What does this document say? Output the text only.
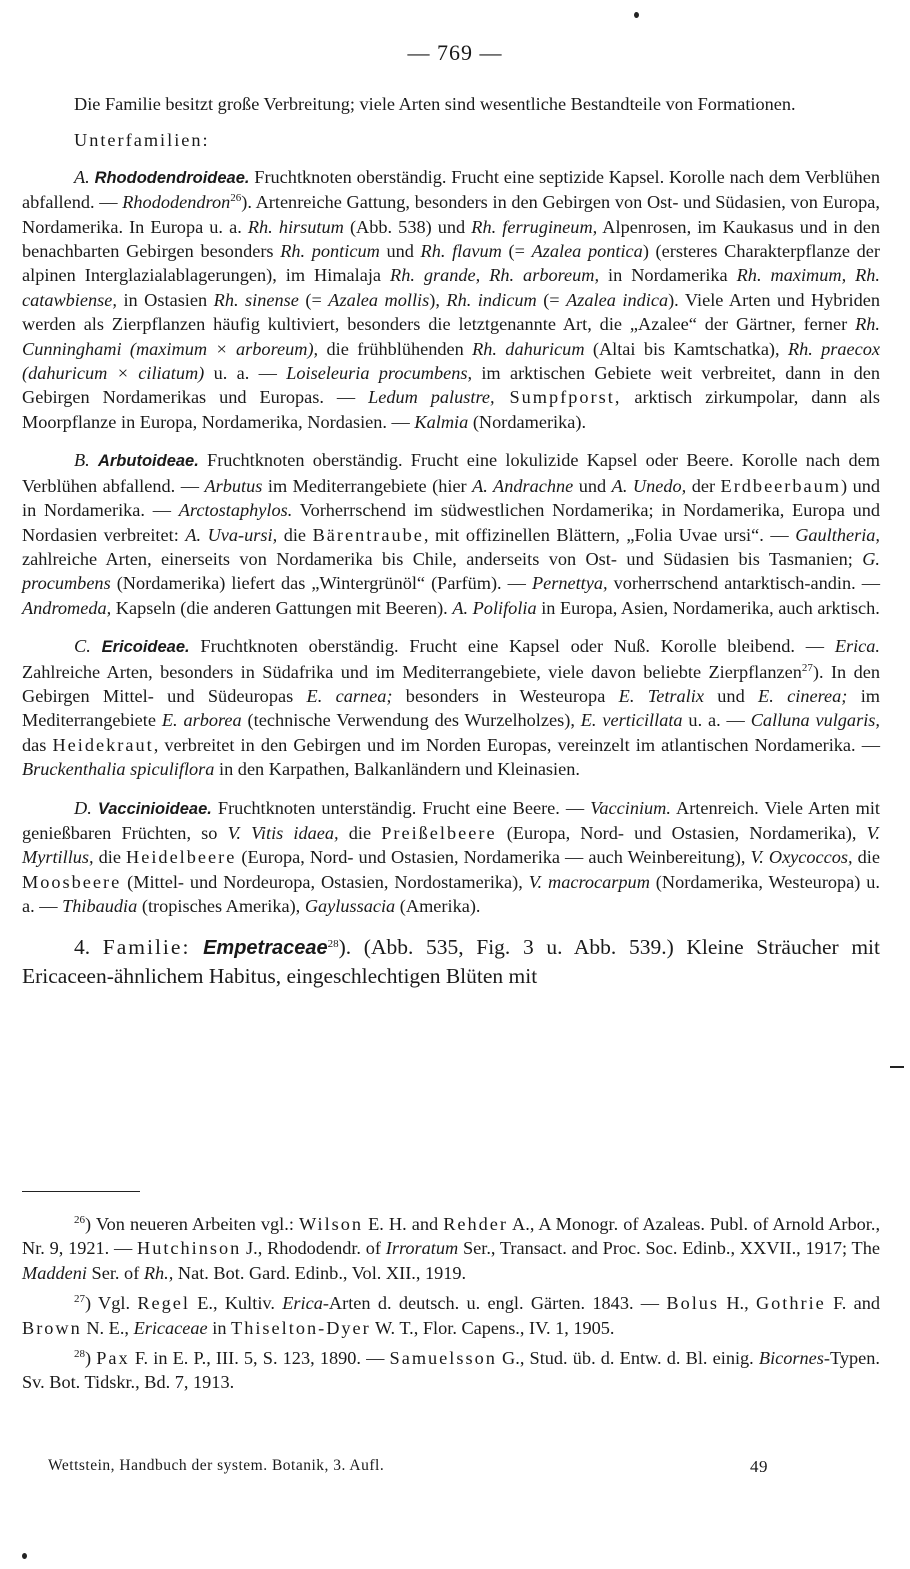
— 769 —

Die Familie besitzt große Verbreitung; viele Arten sind wesentliche Bestandteile von Formationen.

Unterfamilien:

A. Rhododendroideae. Fruchtknoten oberständig. Frucht eine septizide Kapsel. Korolle nach dem Verblühen abfallend. — Rhododendron$^{26}$). Artenreiche Gattung, besonders in den Gebirgen von Ost- und Südasien, von Europa, Nordamerika. In Europa u. a. Rh. hirsutum (Abb. 538) und Rh. ferrugineum, Alpenrosen, im Kaukasus und in den benachbarten Gebirgen besonders Rh. ponticum und Rh. flavum (= Azalea pontica) (ersteres Charakterpflanze der alpinen Interglazialablagerungen), im Himalaja Rh. grande, Rh. arboreum, in Nordamerika Rh. maximum, Rh. catawbiense, in Ostasien Rh. sinense (= Azalea mollis), Rh. indicum (= Azalea indica). Viele Arten und Hybriden werden als Zierpflanzen häufig kultiviert, besonders die letztgenannte Art, die „Azalee“ der Gärtner, ferner Rh. Cunninghami (maximum × arboreum), die frühblühenden Rh. dahuricum (Altai bis Kamtschatka), Rh. praecox (dahuricum × ciliatum) u. a. — Loiseleuria procumbens, im arktischen Gebiete weit verbreitet, dann in den Gebirgen Nordamerikas und Europas. — Ledum palustre, Sumpfporst, arktisch zirkumpolar, dann als Moorpflanze in Europa, Nordamerika, Nordasien. — Kalmia (Nordamerika).

B. Arbutoideae. Fruchtknoten oberständig. Frucht eine lokulizide Kapsel oder Beere. Korolle nach dem Verblühen abfallend. — Arbutus im Mediterrangebiete (hier A. Andrachne und A. Unedo, der Erdbeerbaum) und in Nordamerika. — Arctostaphylos. Vorherrschend im südwestlichen Nordamerika; in Nordamerika, Europa und Nordasien verbreitet: A. Uva-ursi, die Bärentraube, mit offizinellen Blättern, „Folia Uvae ursi“. — Gaultheria, zahlreiche Arten, einerseits von Nordamerika bis Chile, anderseits von Ost- und Südasien bis Tasmanien; G. procumbens (Nordamerika) liefert das „Wintergrünöl“ (Parfüm). — Pernettya, vorherrschend antarktisch-andin. — Andromeda, Kapseln (die anderen Gattungen mit Beeren). A. Polifolia in Europa, Asien, Nordamerika, auch arktisch.

C. Ericoideae. Fruchtknoten oberständig. Frucht eine Kapsel oder Nuß. Korolle bleibend. — Erica. Zahlreiche Arten, besonders in Südafrika und im Mediterrangebiete, viele davon beliebte Zierpflanzen$^{27}$). In den Gebirgen Mittel- und Südeuropas E. carnea; besonders in Westeuropa E. Tetralix und E. cinerea; im Mediterrangebiete E. arborea (technische Verwendung des Wurzelholzes), E. verticillata u. a. — Calluna vulgaris, das Heidekraut, verbreitet in den Gebirgen und im Norden Europas, vereinzelt im atlantischen Nordamerika. — Bruckenthalia spiculiflora in den Karpathen, Balkanländern und Kleinasien.

D. Vaccinioideae. Fruchtknoten unterständig. Frucht eine Beere. — Vaccinium. Artenreich. Viele Arten mit genießbaren Früchten, so V. Vitis idaea, die Preißelbeere (Europa, Nord- und Ostasien, Nordamerika), V. Myrtillus, die Heidelbeere (Europa, Nord- und Ostasien, Nordamerika — auch Weinbereitung), V. Oxycoccos, die Moosbeere (Mittel- und Nordeuropa, Ostasien, Nordostamerika), V. macrocarpum (Nordamerika, Westeuropa) u. a. — Thibaudia (tropisches Amerika), Gaylussacia (Amerika).

4. Familie: Empetraceae$^{28}$). (Abb. 535, Fig. 3 u. Abb. 539.) Kleine Sträucher mit Ericaceen-ähnlichem Habitus, eingeschlechtigen Blüten mit

$^{26}$) Von neueren Arbeiten vgl.: Wilson E. H. and Rehder A., A Monogr. of Azaleas. Publ. of Arnold Arbor., Nr. 9, 1921. — Hutchinson J., Rhododendr. of Irroratum Ser., Transact. and Proc. Soc. Edinb., XXVII., 1917; The Maddeni Ser. of Rh., Nat. Bot. Gard. Edinb., Vol. XII., 1919.

$^{27}$) Vgl. Regel E., Kultiv. Erica-Arten d. deutsch. u. engl. Gärten. 1843. — Bolus H., Gothrie F. and Brown N. E., Ericaceae in Thiselton-Dyer W. T., Flor. Capens., IV. 1, 1905.

$^{28}$) Pax F. in E. P., III. 5, S. 123, 1890. — Samuelsson G., Stud. üb. d. Entw. d. Bl. einig. Bicornes-Typen. Sv. Bot. Tidskr., Bd. 7, 1913.

Wettstein, Handbuch der system. Botanik, 3. Aufl.	49
